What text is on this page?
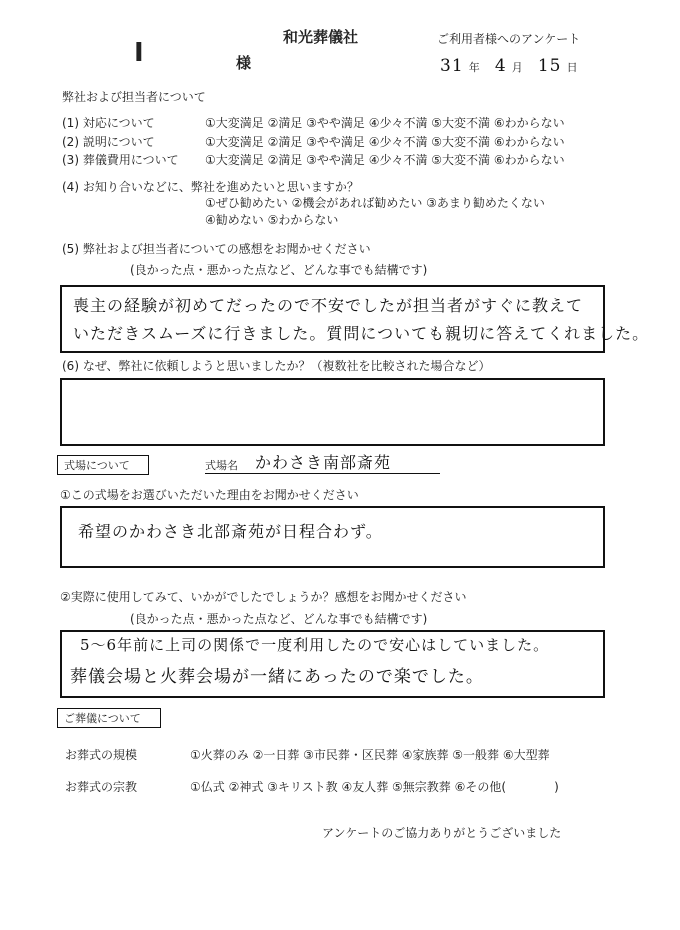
和光葬儀社	ご利用者様へのアンケート
I	様	31 年 4 月 15 日
弊社および担当者について
(1) 対応について	①大変満足 ②満足 ③やや満足 ④少々不満 ⑤大変不満 ⑥わからない
(2) 説明について	①大変満足 ②満足 ③やや満足 ④少々不満 ⑤大変不満 ⑥わからない
(3) 葬儀費用について ①大変満足 ②満足 ③やや満足 ④少々不満 ⑤大変不満 ⑥わからない
(4) お知り合いなどに、弊社を進めたいと思いますか？
①ぜひ勧めたい ②機会があれば勧めたい ③あまり勧めたくない
④勧めない ⑤わからない
(5) 弊社および担当者についての感想をお聞かせください
(良かった点・悪かった点など、どんな事でも結構です)
喪主の経験が初めてだったので不安でしたが担当者がすぐに教えて
いただきスムーズに行きました。質問についても親切に答えてくれました。
(6) なぜ、弊社に依頼しようと思いましたか？（複数社を比較された場合など）
式場について	式場名 かわさき南部斎苑
①この式場をお選びいただいた理由をお聞かせください
希望のかわさき北部斎苑が日程合わず。
②実際に使用してみて、いかがでしたでしょうか？感想をお聞かせください
(良かった点・悪かった点など、どんな事でも結構です)
5～6年前に上司の関係で一度利用したので安心はしていました。
葬儀会場と火葬会場が一緒にあったので楽でした。
ご葬儀について
お葬式の規模	①火葬のみ ②一日葬 ③市民葬・区民葬 ④家族葬 ⑤一般葬 ⑥大型葬
お葬式の宗教	①仏式 ②神式 ③キリスト教 ④友人葬 ⑤無宗教葬 ⑥その他(　　　　)
アンケートのご協力ありがとうございました
